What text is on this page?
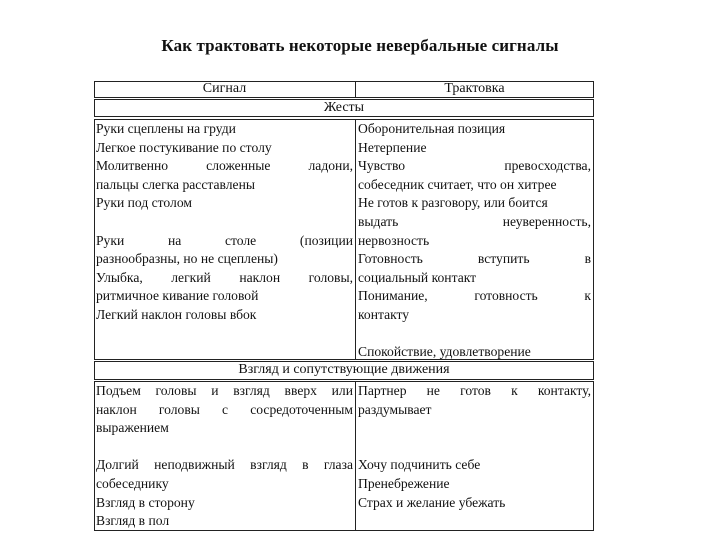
Как трактовать некоторые невербальные сигналы
Сигнал	Трактовка
Жесты
Руки сцеплены на груди
Легкое постукивание по столу
Молитвенно сложенные ладони,
пальцы слегка расставлены
Руки под столом
Руки на столе (позиции
разнообразны, но не сцеплены)
Улыбка, легкий наклон головы,
ритмичное кивание головой
Легкий наклон головы вбок
Оборонительная позиция
Нетерпение
Чувство превосходства,
собеседник считает, что он хитрее
Не готов к разговору, или боится
выдать неуверенность,
нервозность
Готовность вступить в
социальный контакт
Понимание, готовность к
контакту
Спокойствие, удовлетворение
Взгляд и сопутствующие движения
Подъем головы и взгляд вверх или
наклон головы с сосредоточенным
выражением
Долгий неподвижный взгляд в глаза
собеседнику
Взгляд в сторону
Взгляд в пол
Партнер не готов к контакту,
раздумывает
Хочу подчинить себе
Пренебрежение
Страх и желание убежать
